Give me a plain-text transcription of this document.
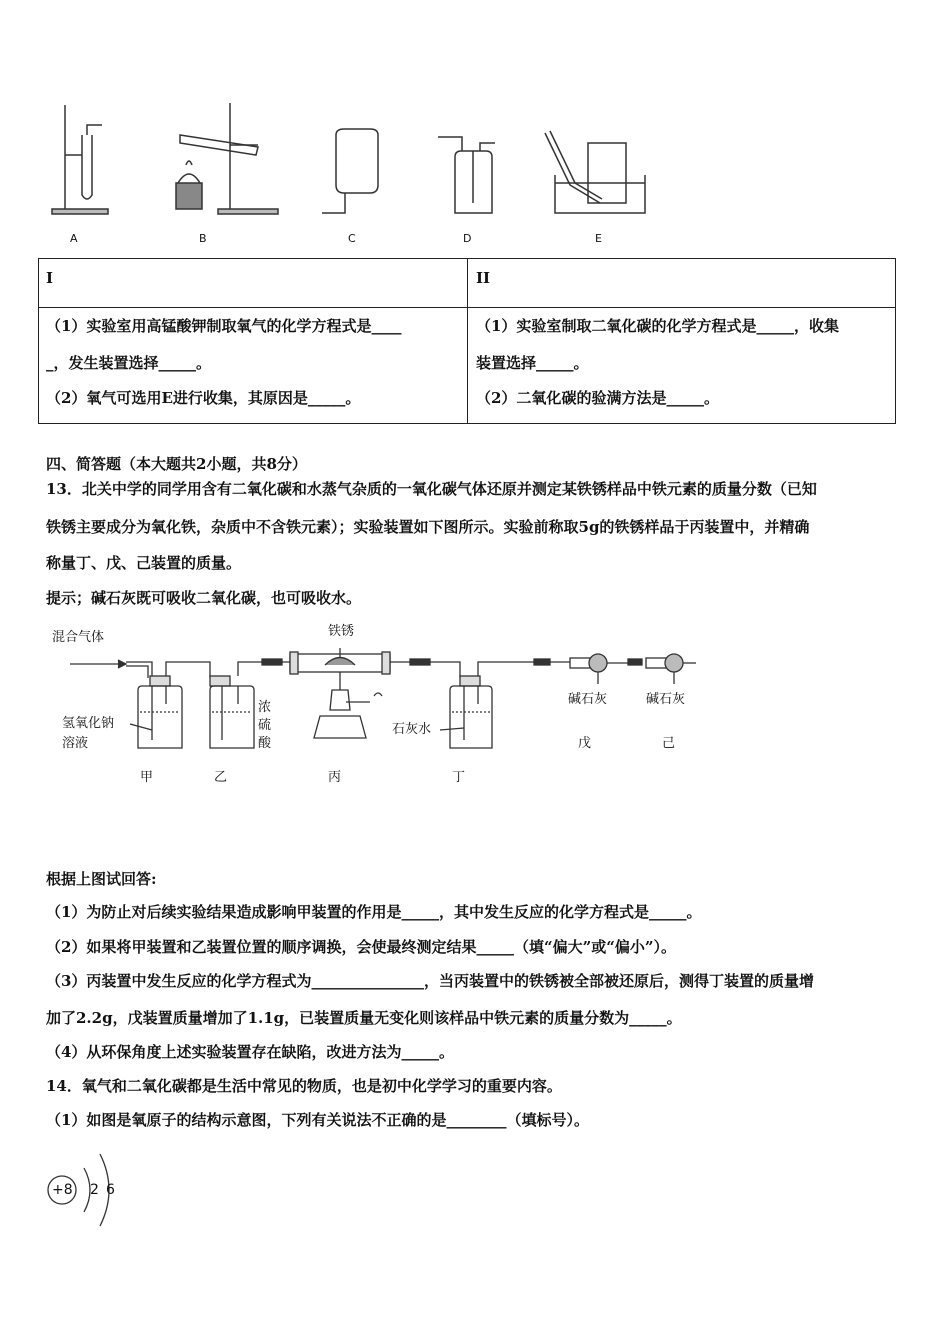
A	B	C	D	E
I	II
（1）实验室用高锰酸钾制取氧气的化学方程式是____
_，发生装置选择_____。
（2）氧气可选用E进行收集，其原因是_____。
（1）实验室制取二氧化碳的化学方程式是_____，收集
装置选择_____。
（2）二氧化碳的验满方法是_____。
四、简答题（本大题共2小题，共8分）
13．北关中学的同学用含有二氧化碳和水蒸气杂质的一氧化碳气体还原并测定某铁锈样品中铁元素的质量分数（已知
铁锈主要成分为氧化铁，杂质中不含铁元素）；实验装置如下图所示。实验前称取5g的铁锈样品于丙装置中，并精确
称量丁、戊、己装置的质量。
提示；碱石灰既可吸收二氧化碳，也可吸收水。
混合气体	铁锈
氢氧化钠
溶液
浓
硫
酸
石灰水
碱石灰	碱石灰
甲	乙	丙	丁
戊	己
根据上图试回答:
（1）为防止对后续实验结果造成影响甲装置的作用是_____，其中发生反应的化学方程式是_____。
（2）如果将甲装置和乙装置位置的顺序调换，会使最终测定结果_____（填“偏大”或“偏小”）。
（3）丙装置中发生反应的化学方程式为_______________，当丙装置中的铁锈被全部被还原后，测得丁装置的质量增
加了2.2g，戊装置质量增加了1.1g，已装置质量无变化则该样品中铁元素的质量分数为_____。
（4）从环保角度上述实验装置存在缺陷，改进方法为_____。
14．氧气和二氧化碳都是生活中常见的物质，也是初中化学学习的重要内容。
（1）如图是氧原子的结构示意图，下列有关说法不正确的是________（填标号）。
+8 2 6
